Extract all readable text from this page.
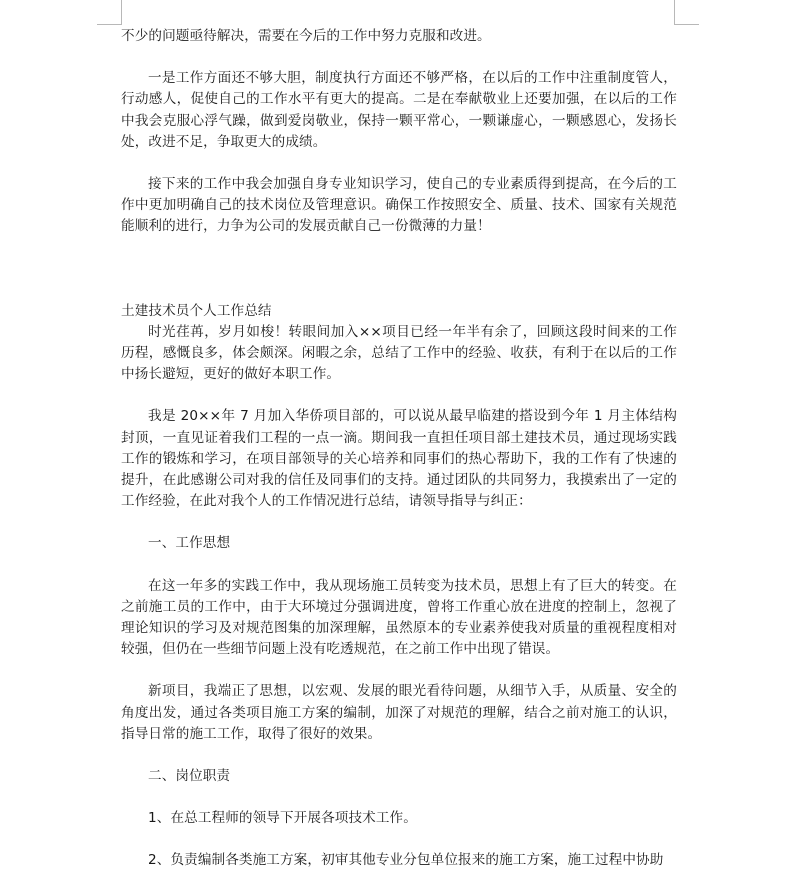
不少的问题亟待解决，需要在今后的工作中努力克服和改进。

一是工作方面还不够大胆，制度执行方面还不够严格，在以后的工作中注重制度管人，行动感人，促使自己的工作水平有更大的提高。二是在奉献敬业上还要加强，在以后的工作中我会克服心浮气躁，做到爱岗敬业，保持一颗平常心，一颗谦虚心，一颗感恩心，发扬长处，改进不足，争取更大的成绩。

接下来的工作中我会加强自身专业知识学习，使自己的专业素质得到提高，在今后的工作中更加明确自己的技术岗位及管理意识。确保工作按照安全、质量、技术、国家有关规范能顺利的进行，力争为公司的发展贡献自己一份微薄的力量！

土建技术员个人工作总结

时光荏苒，岁月如梭！转眼间加入××项目已经一年半有余了，回顾这段时间来的工作历程，感慨良多，体会颇深。闲暇之余，总结了工作中的经验、收获，有利于在以后的工作中扬长避短，更好的做好本职工作。

我是 20××年 7 月加入华侨项目部的，可以说从最早临建的搭设到今年 1 月主体结构封顶，一直见证着我们工程的一点一滴。期间我一直担任项目部土建技术员，通过现场实践工作的锻炼和学习，在项目部领导的关心培养和同事们的热心帮助下，我的工作有了快速的提升，在此感谢公司对我的信任及同事们的支持。通过团队的共同努力，我摸索出了一定的工作经验，在此对我个人的工作情况进行总结，请领导指导与纠正：

一、工作思想

在这一年多的实践工作中，我从现场施工员转变为技术员，思想上有了巨大的转变。在之前施工员的工作中，由于大环境过分强调进度，曾将工作重心放在进度的控制上，忽视了理论知识的学习及对规范图集的加深理解，虽然原本的专业素养使我对质量的重视程度相对较强，但仍在一些细节问题上没有吃透规范，在之前工作中出现了错误。

新项目，我端正了思想，以宏观、发展的眼光看待问题，从细节入手，从质量、安全的角度出发，通过各类项目施工方案的编制，加深了对规范的理解，结合之前对施工的认识，指导日常的施工工作，取得了很好的效果。

二、岗位职责

1、在总工程师的领导下开展各项技术工作。

2、负责编制各类施工方案，初审其他专业分包单位报来的施工方案，施工过程中协助
